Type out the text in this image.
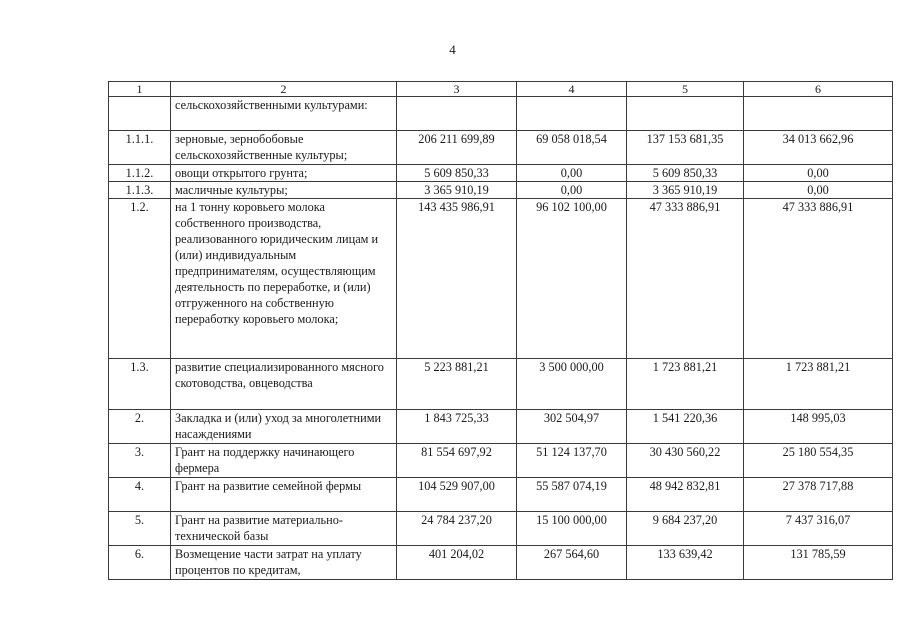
4
1	2	3	4	5	6
	сельскохозяйственными культурами:				
1.1.1.	зерновые, зернобобовые сельскохозяйственные культуры;	206 211 699,89	69 058 018,54	137 153 681,35	34 013 662,96
1.1.2.	овощи открытого грунта;	5 609 850,33	0,00	5 609 850,33	0,00
1.1.3.	масличные культуры;	3 365 910,19	0,00	3 365 910,19	0,00
1.2.	на 1 тонну коровьего молока собственного производства, реализованного юридическим лицам и (или) индивидуальным предпринимателям, осуществляющим деятельность по переработке, и (или) отгруженного на собственную переработку коровьего молока;	143 435 986,91	96 102 100,00	47 333 886,91	47 333 886,91
1.3.	развитие специализированного мясного скотоводства, овцеводства	5 223 881,21	3 500 000,00	1 723 881,21	1 723 881,21
2.	Закладка и (или) уход за многолетними насаждениями	1 843 725,33	302 504,97	1 541 220,36	148 995,03
3.	Грант на поддержку начинающего фермера	81 554 697,92	51 124 137,70	30 430 560,22	25 180 554,35
4.	Грант на развитие семейной фермы	104 529 907,00	55 587 074,19	48 942 832,81	27 378 717,88
5.	Грант на развитие материально-технической базы	24 784 237,20	15 100 000,00	9 684 237,20	7 437 316,07
6.	Возмещение части затрат на уплату процентов по кредитам,	401 204,02	267 564,60	133 639,42	131 785,59
